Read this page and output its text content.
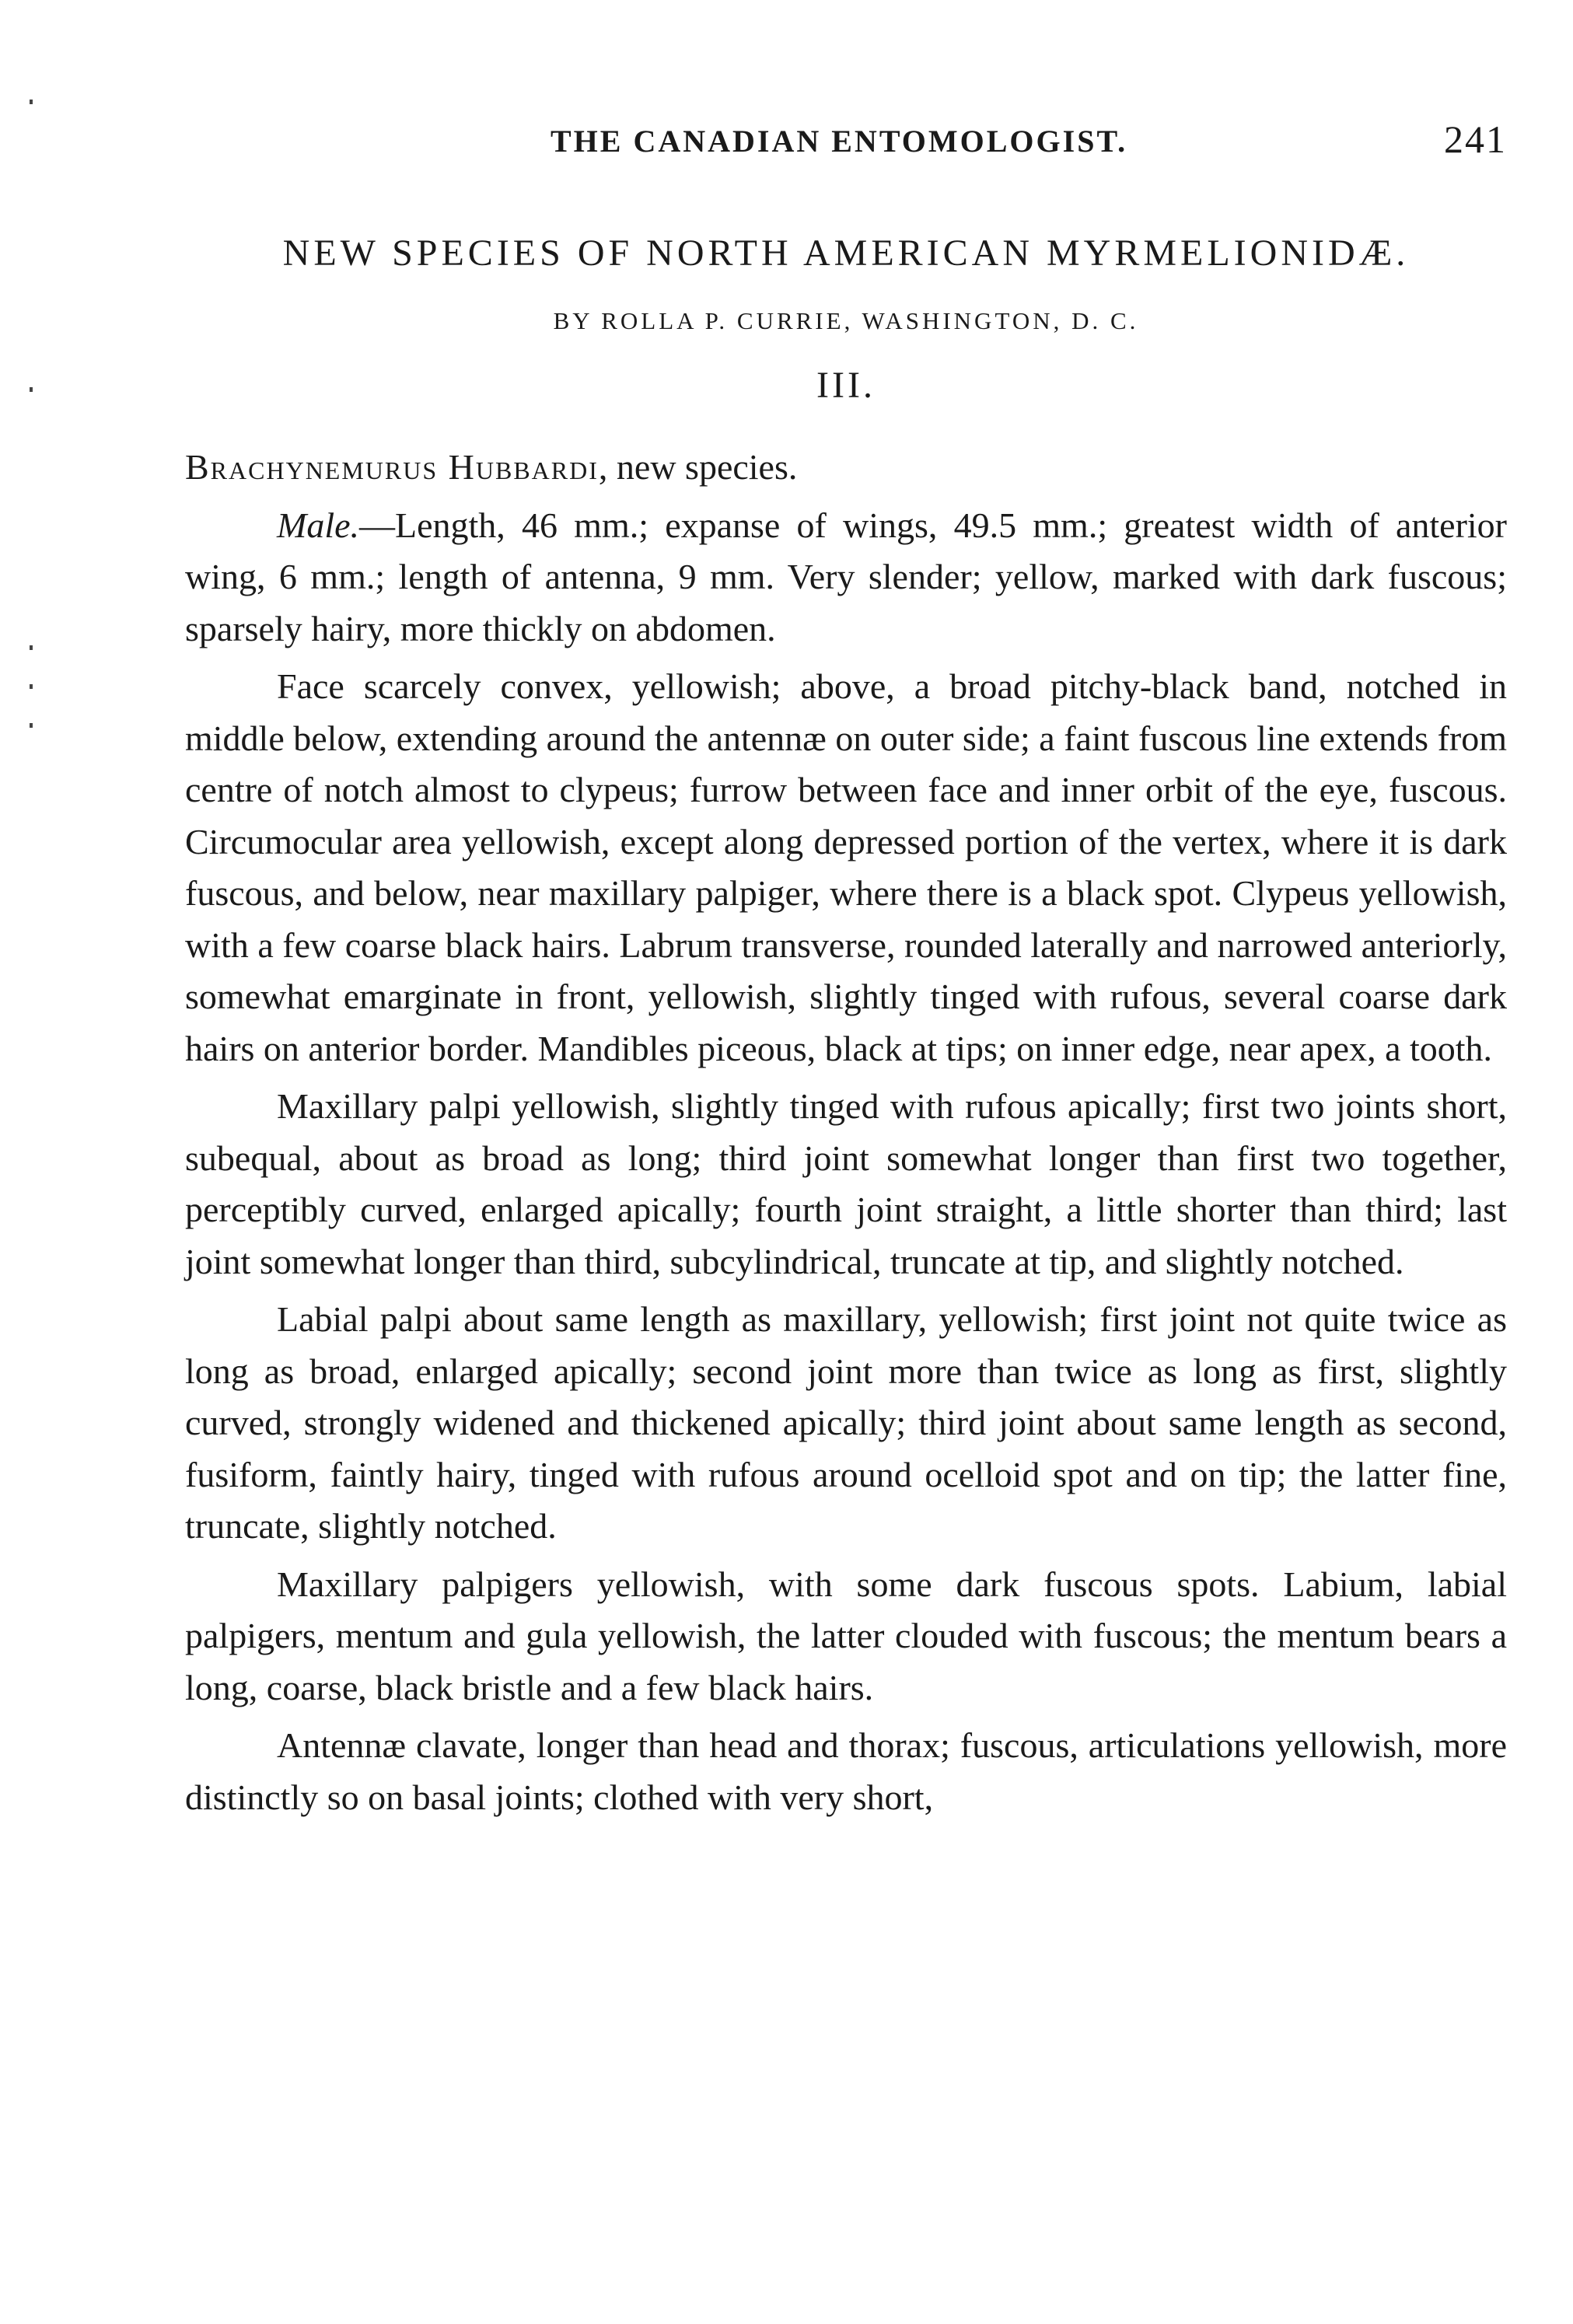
THE CANADIAN ENTOMOLOGIST.	241
NEW SPECIES OF NORTH AMERICAN MYRMELIONIDÆ.
BY ROLLA P. CURRIE, WASHINGTON, D. C.
III.

Brachynemurus Hubbardi, new species.

Male.—Length, 46 mm.; expanse of wings, 49.5 mm.; greatest width of anterior wing, 6 mm.; length of antenna, 9 mm. Very slender; yellow, marked with dark fuscous; sparsely hairy, more thickly on abdomen.

Face scarcely convex, yellowish; above, a broad pitchy-black band, notched in middle below, extending around the antennæ on outer side; a faint fuscous line extends from centre of notch almost to clypeus; furrow between face and inner orbit of the eye, fuscous. Circumocular area yellowish, except along depressed portion of the vertex, where it is dark fuscous, and below, near maxillary palpiger, where there is a black spot. Clypeus yellowish, with a few coarse black hairs. Labrum transverse, rounded laterally and narrowed anteriorly, somewhat emarginate in front, yellowish, slightly tinged with rufous, several coarse dark hairs on anterior border. Mandibles piceous, black at tips; on inner edge, near apex, a tooth.

Maxillary palpi yellowish, slightly tinged with rufous apically; first two joints short, subequal, about as broad as long; third joint somewhat longer than first two together, perceptibly curved, enlarged apically; fourth joint straight, a little shorter than third; last joint somewhat longer than third, subcylindrical, truncate at tip, and slightly notched.

Labial palpi about same length as maxillary, yellowish; first joint not quite twice as long as broad, enlarged apically; second joint more than twice as long as first, slightly curved, strongly widened and thickened apically; third joint about same length as second, fusiform, faintly hairy, tinged with rufous around ocelloid spot and on tip; the latter fine, truncate, slightly notched.

Maxillary palpigers yellowish, with some dark fuscous spots. Labium, labial palpigers, mentum and gula yellowish, the latter clouded with fuscous; the mentum bears a long, coarse, black bristle and a few black hairs.

Antennæ clavate, longer than head and thorax; fuscous, articulations yellowish, more distinctly so on basal joints; clothed with very short,
